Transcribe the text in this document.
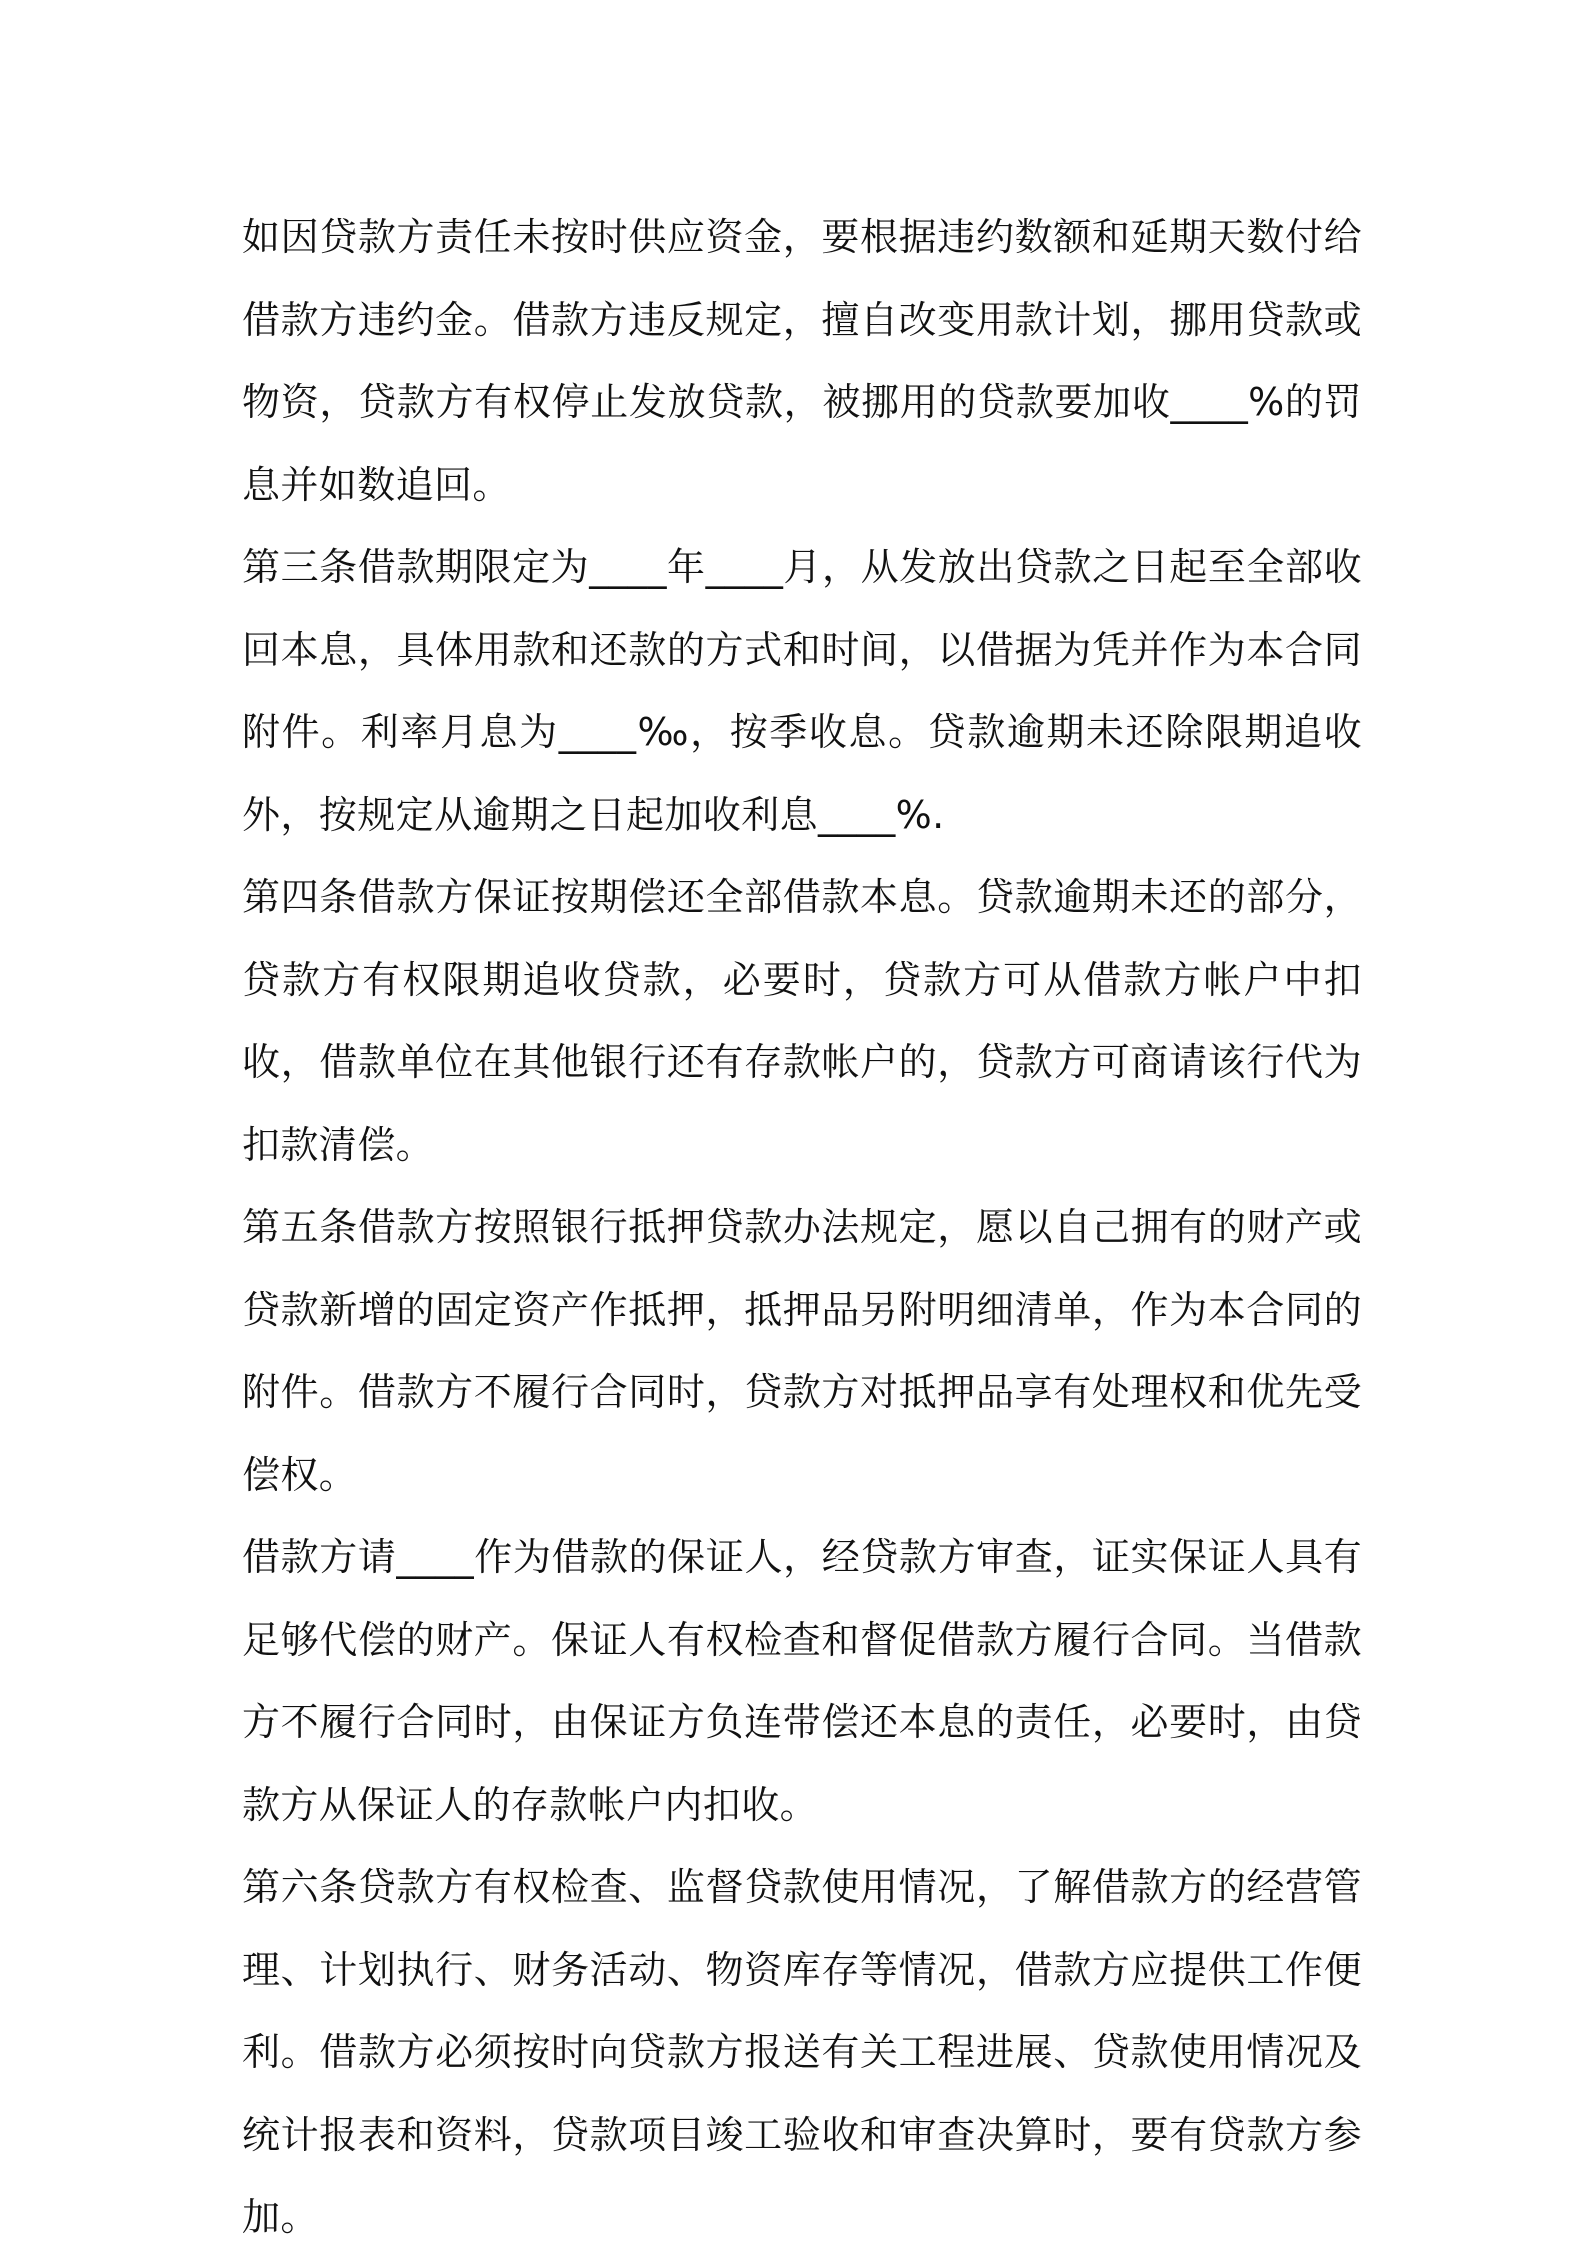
如因贷款方责任未按时供应资金，要根据违约数额和延期天数付给借款方违约金。借款方违反规定，擅自改变用款计划，挪用贷款或物资，贷款方有权停止发放贷款，被挪用的贷款要加收____%的罚息并如数追回。

第三条借款期限定为____年____月，从发放出贷款之日起至全部收回本息，具体用款和还款的方式和时间，以借据为凭并作为本合同附件。利率月息为____‰，按季收息。贷款逾期未还除限期追收外，按规定从逾期之日起加收利息____%.

第四条借款方保证按期偿还全部借款本息。贷款逾期未还的部分，贷款方有权限期追收贷款，必要时，贷款方可从借款方帐户中扣收，借款单位在其他银行还有存款帐户的，贷款方可商请该行代为扣款清偿。

第五条借款方按照银行抵押贷款办法规定，愿以自己拥有的财产或贷款新增的固定资产作抵押，抵押品另附明细清单，作为本合同的附件。借款方不履行合同时，贷款方对抵押品享有处理权和优先受偿权。

借款方请____作为借款的保证人，经贷款方审查，证实保证人具有足够代偿的财产。保证人有权检查和督促借款方履行合同。当借款方不履行合同时，由保证方负连带偿还本息的责任，必要时，由贷款方从保证人的存款帐户内扣收。

第六条贷款方有权检查、监督贷款使用情况，了解借款方的经营管理、计划执行、财务活动、物资库存等情况，借款方应提供工作便利。借款方必须按时向贷款方报送有关工程进展、贷款使用情况及统计报表和资料，贷款项目竣工验收和审查决算时，要有贷款方参加。
